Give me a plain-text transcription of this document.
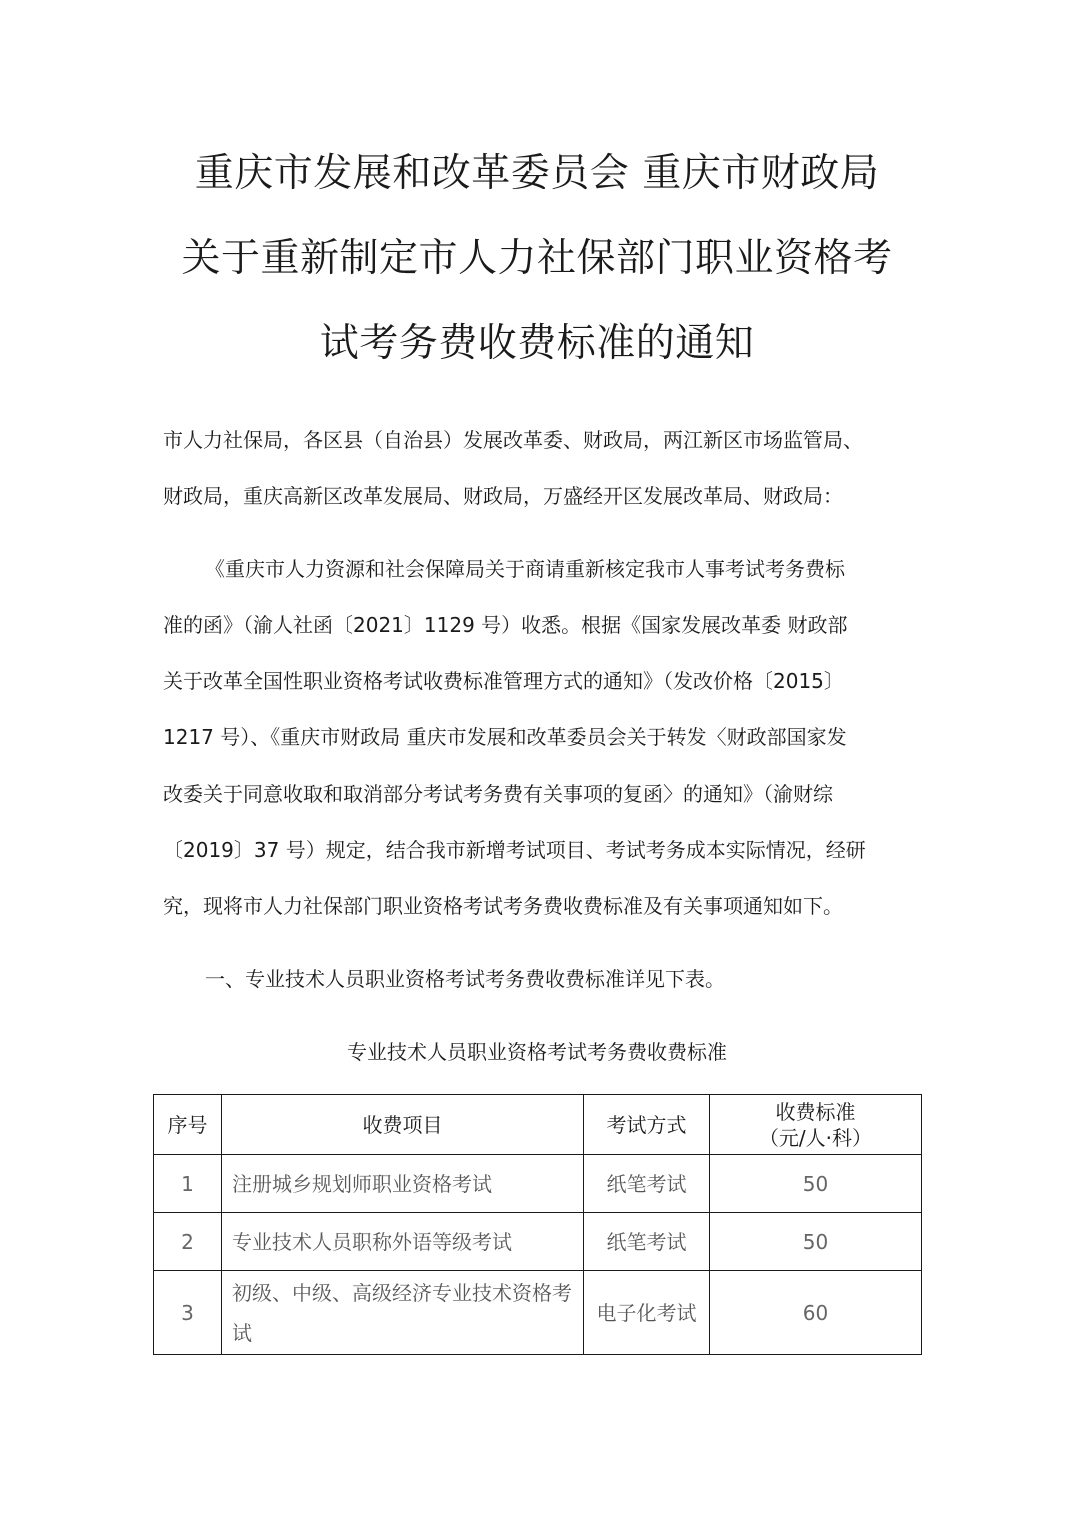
重庆市发展和改革委员会 重庆市财政局
关于重新制定市人力社保部门职业资格考
试考务费收费标准的通知
市人力社保局，各区县（自治县）发展改革委、财政局，两江新区市场监管局、
财政局，重庆高新区改革发展局、财政局，万盛经开区发展改革局、财政局：
《重庆市人力资源和社会保障局关于商请重新核定我市人事考试考务费标
准的函》（渝人社函〔2021〕1129 号）收悉。根据《国家发展改革委 财政部
关于改革全国性职业资格考试收费标准管理方式的通知》（发改价格〔2015〕
1217 号）、《重庆市财政局 重庆市发展和改革委员会关于转发〈财政部国家发
改委关于同意收取和取消部分考试考务费有关事项的复函〉的通知》（渝财综
〔2019〕37 号）规定，结合我市新增考试项目、考试考务成本实际情况，经研
究，现将市人力社保部门职业资格考试考务费收费标准及有关事项通知如下。
一、专业技术人员职业资格考试考务费收费标准详见下表。
专业技术人员职业资格考试考务费收费标准
序号	收费项目	考试方式	收费标准
（元/人·科）

1	注册城乡规划师职业资格考试	纸笔考试	50
2	专业技术人员职称外语等级考试	纸笔考试	50
3	初级、中级、高级经济专业技术资格考试	电子化考试	60
